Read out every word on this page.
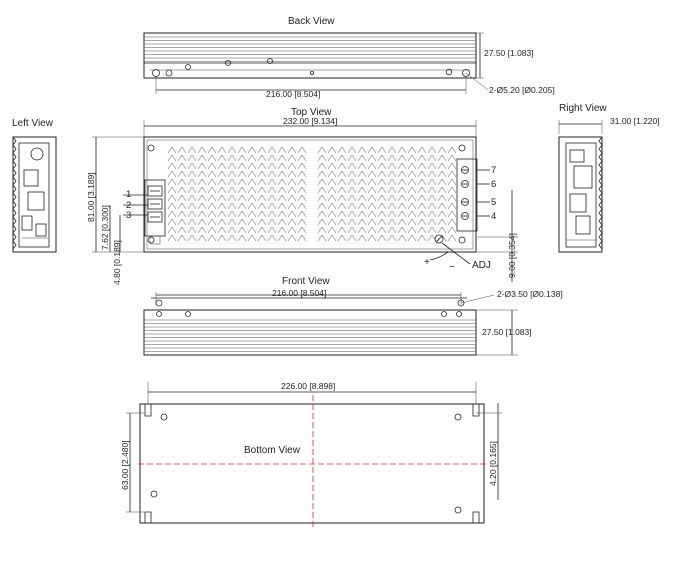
Back View
27.50 [1.083]
216.00 [8.504]	2-Ø5.20 [Ø0.205]
Top View
232.00 [9.134]
1
2
3
81.00 [3.189]
7.62 [0.300]
4.80 [0.189]
7
6
5
4
9.00 [0.354]
ADJ
+ −
Left View
Right View
31.00 [1.220]
Front View
216.00 [8.504]	2-Ø3.50 [Ø0.138]
27.50 [1.083]
226.00 [8.898]
Bottom View
63.00 [2.480]	4.20 [0.165]
